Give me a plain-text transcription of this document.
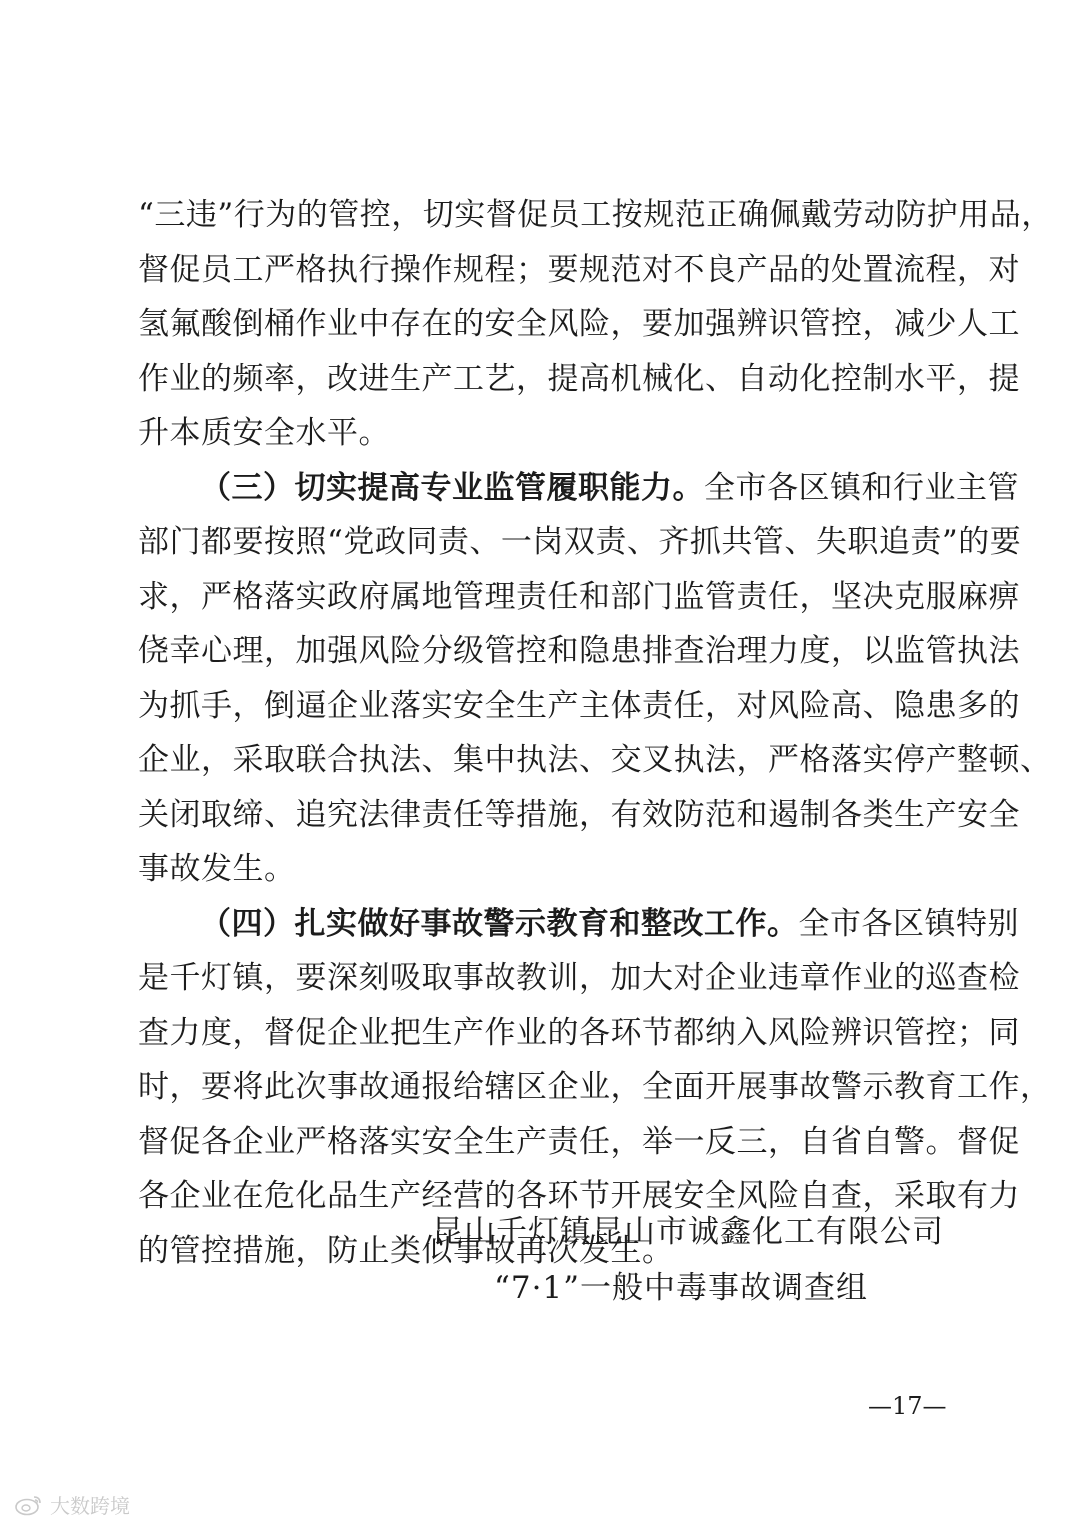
“三违”行为的管控，切实督促员工按规范正确佩戴劳动防护用品，
督促员工严格执行操作规程；要规范对不良产品的处置流程，对
氢氟酸倒桶作业中存在的安全风险，要加强辨识管控，减少人工
作业的频率，改进生产工艺，提高机械化、自动化控制水平，提
升本质安全水平。
（三）切实提高专业监管履职能力。全市各区镇和行业主管
部门都要按照“党政同责、一岗双责、齐抓共管、失职追责”的要
求，严格落实政府属地管理责任和部门监管责任，坚决克服麻痹
侥幸心理，加强风险分级管控和隐患排查治理力度，以监管执法
为抓手，倒逼企业落实安全生产主体责任，对风险高、隐患多的
企业，采取联合执法、集中执法、交叉执法，严格落实停产整顿、
关闭取缔、追究法律责任等措施，有效防范和遏制各类生产安全
事故发生。
（四）扎实做好事故警示教育和整改工作。全市各区镇特别
是千灯镇，要深刻吸取事故教训，加大对企业违章作业的巡查检
查力度，督促企业把生产作业的各环节都纳入风险辨识管控；同
时，要将此次事故通报给辖区企业，全面开展事故警示教育工作，
督促各企业严格落实安全生产责任，举一反三，自省自警。督促
各企业在危化品生产经营的各环节开展安全风险自查，采取有力
的管控措施，防止类似事故再次发生。
昆山千灯镇昆山市诚鑫化工有限公司
“7·1”一般中毒事故调查组
—17—
大数跨境
